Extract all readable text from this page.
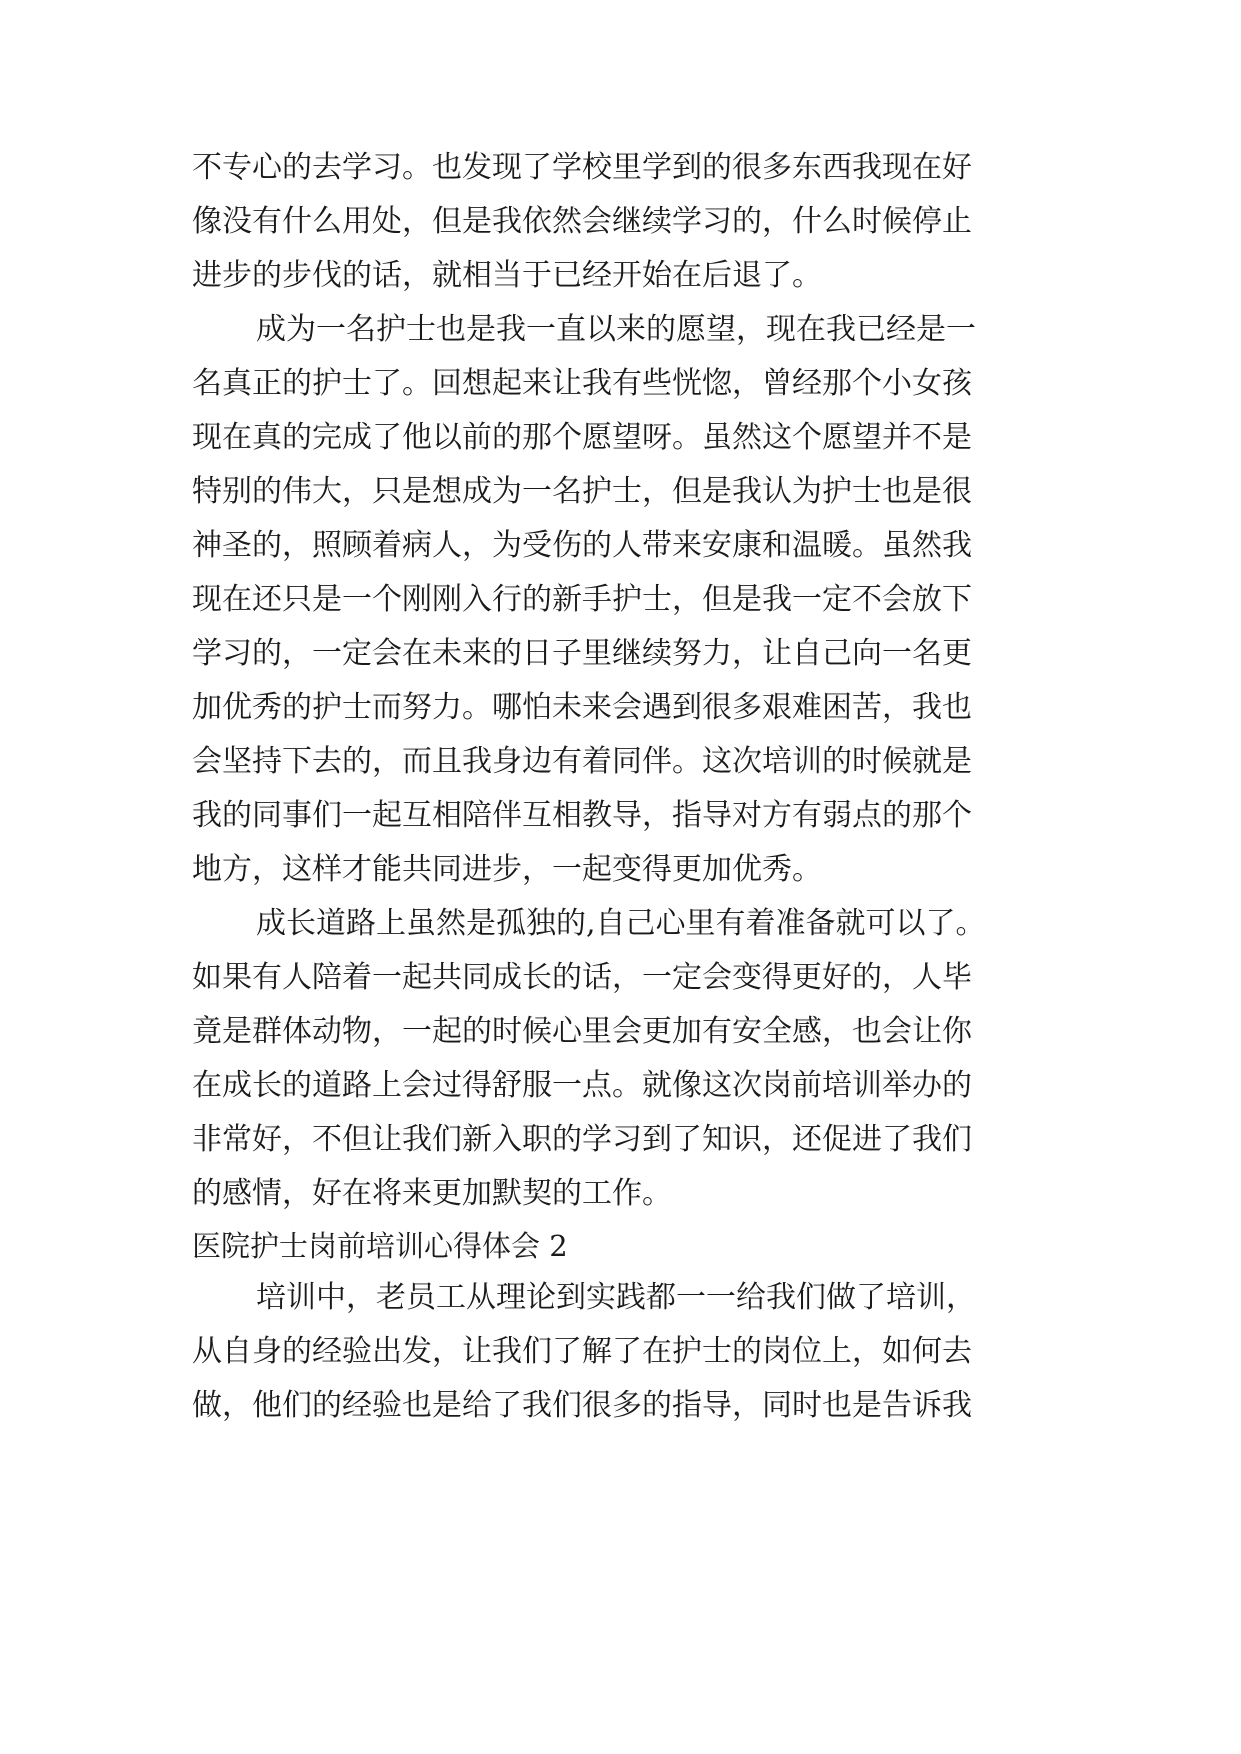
不专心的去学习。也发现了学校里学到的很多东西我现在好

像没有什么用处，但是我依然会继续学习的，什么时候停止

进步的步伐的话，就相当于已经开始在后退了。

成为一名护士也是我一直以来的愿望，现在我已经是一

名真正的护士了。回想起来让我有些恍惚，曾经那个小女孩

现在真的完成了他以前的那个愿望呀。虽然这个愿望并不是

特别的伟大，只是想成为一名护士，但是我认为护士也是很

神圣的，照顾着病人，为受伤的人带来安康和温暖。虽然我

现在还只是一个刚刚入行的新手护士，但是我一定不会放下

学习的，一定会在未来的日子里继续努力，让自己向一名更

加优秀的护士而努力。哪怕未来会遇到很多艰难困苦，我也

会坚持下去的，而且我身边有着同伴。这次培训的时候就是

我的同事们一起互相陪伴互相教导，指导对方有弱点的那个

地方，这样才能共同进步，一起变得更加优秀。

成长道路上虽然是孤独的,自己心里有着准备就可以了。

如果有人陪着一起共同成长的话，一定会变得更好的，人毕

竟是群体动物，一起的时候心里会更加有安全感，也会让你

在成长的道路上会过得舒服一点。就像这次岗前培训举办的

非常好，不但让我们新入职的学习到了知识，还促进了我们

的感情，好在将来更加默契的工作。

医院护士岗前培训心得体会 2

培训中，老员工从理论到实践都一一给我们做了培训，

从自身的经验出发，让我们了解了在护士的岗位上，如何去

做，他们的经验也是给了我们很多的指导，同时也是告诉我
